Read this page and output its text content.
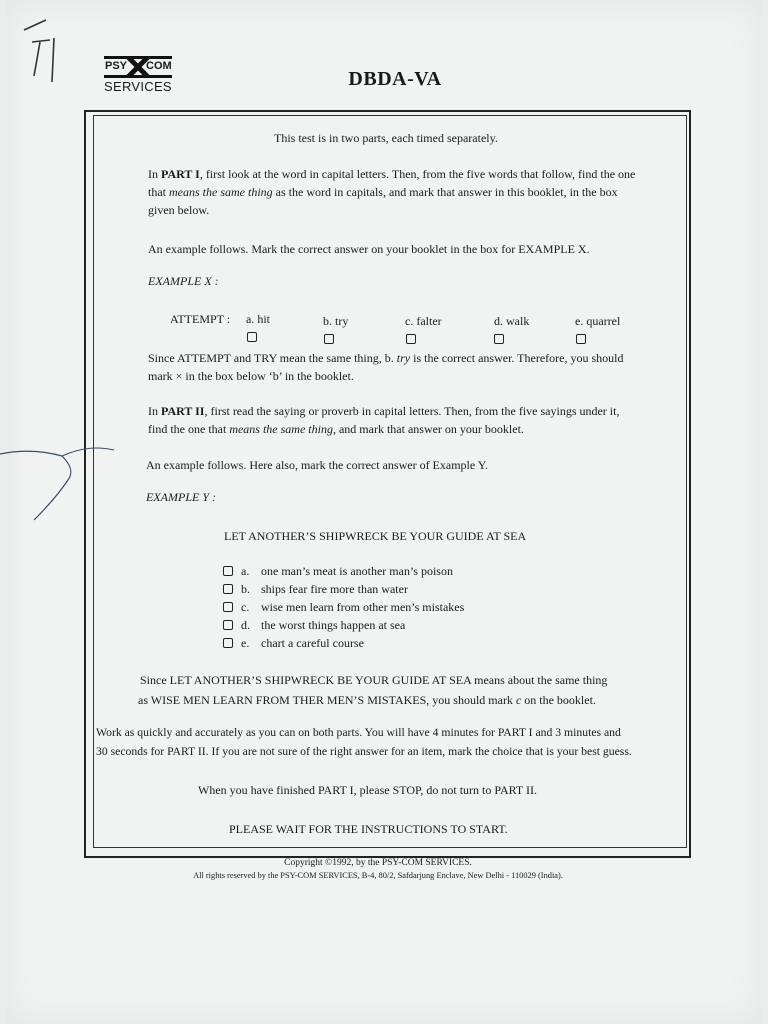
PSY COM
SERVICES	DBDA-VA
This test is in two parts, each timed separately.
In PART I, first look at the word in capital letters. Then, from the five words that follow, find the one that means the same thing as the word in capitals, and mark that answer in this booklet, in the box given below.
An example follows. Mark the correct answer on your booklet in the box for EXAMPLE X.
EXAMPLE X :
ATTEMPT : a. hit	b. try	c. falter	d. walk	e. quarrel
Since ATTEMPT and TRY mean the same thing, b. try is the correct answer. Therefore, you should mark × in the box below ‘b’ in the booklet.
In PART II, first read the saying or proverb in capital letters. Then, from the five sayings under it, find the one that means the same thing, and mark that answer on your booklet.
An example follows. Here also, mark the correct answer of Example Y.
EXAMPLE Y :
LET ANOTHER’S SHIPWRECK BE YOUR GUIDE AT SEA
a. one man’s meat is another man’s poison
b. ships fear fire more than water
c. wise men learn from other men’s mistakes
d. the worst things happen at sea
e. chart a careful course
Since LET ANOTHER’S SHIPWRECK BE YOUR GUIDE AT SEA means about the same thing
as WISE MEN LEARN FROM THER MEN’S MISTAKES, you should mark c on the booklet.
Work as quickly and accurately as you can on both parts. You will have 4 minutes for PART I and 3 minutes and
30 seconds for PART II. If you are not sure of the right answer for an item, mark the choice that is your best guess.
When you have finished PART I, please STOP, do not turn to PART II.
PLEASE WAIT FOR THE INSTRUCTIONS TO START.
Copyright ©1992, by the PSY-COM SERVICES.
All rights reserved by the PSY-COM SERVICES, B-4, 80/2, Safdarjung Enclave, New Delhi - 110029 (India).
